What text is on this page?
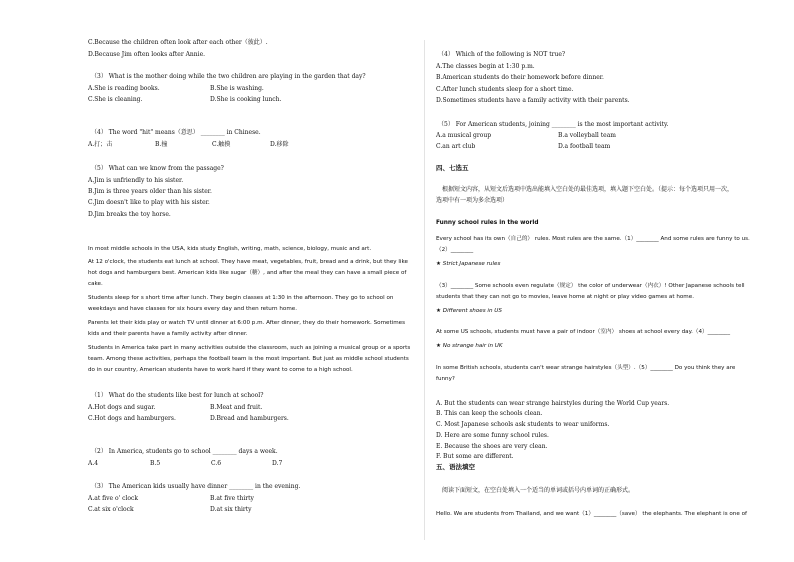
C.Because the children often look after each other（彼此）.
D.Because Jim often looks after Annie.
（3） What is the mother doing while the two children are playing in the garden that day?
A.She is reading books.	B.She is washing.
C.She is cleaning.	D.She is cooking lunch.
（4） The word "hit" means（意思） ________ in Chinese.
A.打；击	B.撞	C.触摸	D.移除
（5） What can we know from the passage?
A.Jim is unfriendly to his sister.
B.Jim is three years older than his sister.
C.Jim doesn't like to play with his sister.
D.Jim breaks the toy horse.
In most middle schools in the USA, kids study English, writing, math, science, biology, music and art.
At 12 o'clock, the students eat lunch at school. They have meat, vegetables, fruit, bread and a drink, but they like
hot dogs and hamburgers best. American kids like sugar（糖）, and after the meal they can have a small piece of
cake.
Students sleep for s short time after lunch. They begin classes at 1:30 in the afternoon. They go to school on
weekdays and have classes for six hours every day and then return home.
Parents let their kids play or watch TV until dinner at 6:00 p.m. After dinner, they do their homework. Sometimes
kids and their parents have a family activity after dinner.
Students in America take part in many activities outside the classroom, such as joining a musical group or a sports
team. Among these activities, perhaps the football team is the most important. But just as middle school students
do in our country, American students have to work hard if they want to come to a high school.
（1） What do the students like best for lunch at school?
A.Hot dogs and sugar.	B.Meat and fruit.
C.Hot dogs and hamburgers.	D.Bread and hamburgers.
（2） In America, students go to school ________ days a week.
A.4	B.5	C.6	D.7
（3） The American kids usually have dinner ________ in the evening.
A.at five o' clock	B.at five thirty
C.at six o'clock	D.at six thirty
（4） Which of the following is NOT true?
A.The classes begin at 1:30 p.m.
B.American students do their homework before dinner.
C.After lunch students sleep for a short time.
D.Sometimes students have a family activity with their parents.
（5） For American students, joining ________ is the most important activity.
A.a musical group	B.a volleyball team
C.an art club	D.a football team
四、七选五
根据短文内容，从短文后选项中选出能填入空白处的最佳选项，填入题下空白处。（提示：每个选项只用一次，
选项中有一项为多余选项）
Funny school rules in the world
Every school has its own（自己的） rules. Most rules are the same.（1）________ And some rules are funny to us.
（2）________
★ Strict Japanese rules
（3）________ Some schools even regulate（规定） the color of underwear（内衣）! Other Japanese schools tell
students that they can not go to movies, leave home at night or play video games at home.
★ Different shoes in US
At some US schools, students must have a pair of indoor（室内） shoes at school every day.（4）________
★ No strange hair in UK
In some British schools, students can't wear strange hairstyles（头型）.（5）________ Do you think they are
funny?
A. But the students can wear strange hairstyles during the World Cup years.
B. This can keep the schools clean.
C. Most Japanese schools ask students to wear uniforms.
D. Here are some funny school rules.
E. Because the shoes are very clean.
F. But some are different.
五、语法填空
阅读下面短文，在空白处填入一个适当的单词或括号内单词的正确形式。
Hello. We are students from Thailand, and we want（1）________（save） the elephants. The elephant is one of
